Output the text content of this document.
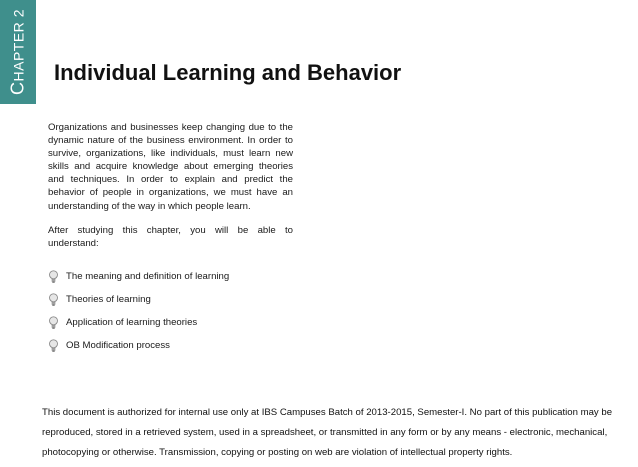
CHAPTER 2
Individual Learning and Behavior

Organizations and businesses keep changing due to the dynamic nature of the business environment. In order to survive, organizations, like individuals, must learn new skills and acquire knowledge about emerging theories and techniques. In order to explain and predict the behavior of people in organizations, we must have an understanding of the way in which people learn.

After studying this chapter, you will be able to understand:

The meaning and definition of learning
Theories of learning
Application of learning theories
OB Modification process

This document is authorized for internal use only at IBS Campuses Batch of 2013-2015, Semester-I. No part of this publication may be reproduced, stored in a retrieved system, used in a spreadsheet, or transmitted in any form or by any means - electronic, mechanical, photocopying or otherwise. Transmission, copying or posting on web are violation of intellectual property rights.
